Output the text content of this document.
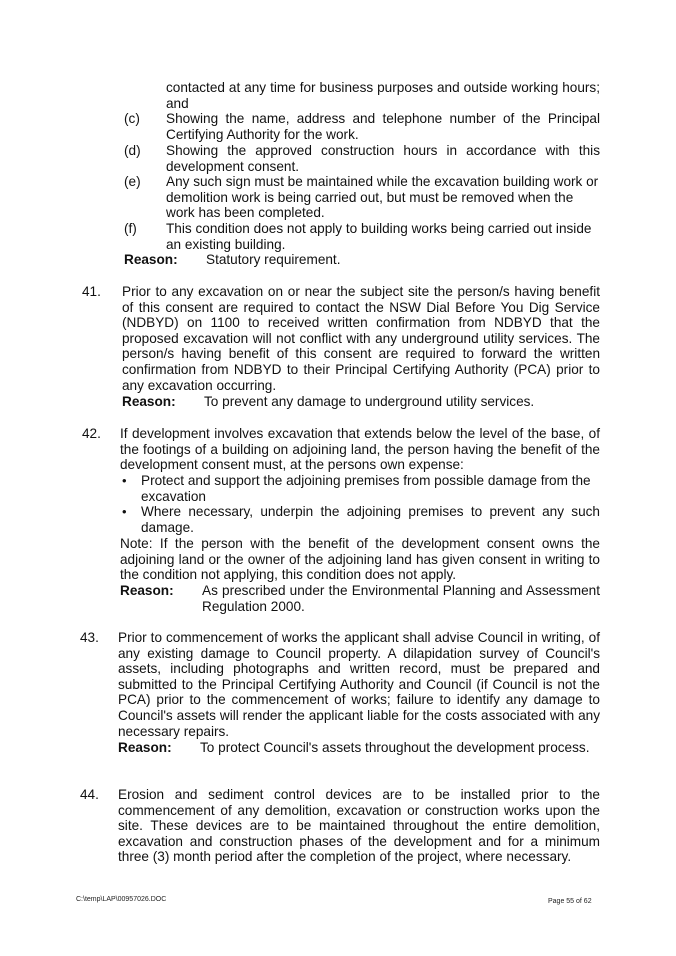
contacted at any time for business purposes and outside working hours; and
(c) Showing the name, address and telephone number of the Principal Certifying Authority for the work.
(d) Showing the approved construction hours in accordance with this development consent.
(e) Any such sign must be maintained while the excavation building work or demolition work is being carried out, but must be removed when the work has been completed.
(f) This condition does not apply to building works being carried out inside an existing building.
Reason: Statutory requirement.
41. Prior to any excavation on or near the subject site the person/s having benefit of this consent are required to contact the NSW Dial Before You Dig Service (NDBYD) on 1100 to received written confirmation from NDBYD that the proposed excavation will not conflict with any underground utility services. The person/s having benefit of this consent are required to forward the written confirmation from NDBYD to their Principal Certifying Authority (PCA) prior to any excavation occurring.
Reason: To prevent any damage to underground utility services.
42. If development involves excavation that extends below the level of the base, of the footings of a building on adjoining land, the person having the benefit of the development consent must, at the persons own expense:
• Protect and support the adjoining premises from possible damage from the excavation
• Where necessary, underpin the adjoining premises to prevent any such damage.
Note: If the person with the benefit of the development consent owns the adjoining land or the owner of the adjoining land has given consent in writing to the condition not applying, this condition does not apply.
Reason: As prescribed under the Environmental Planning and Assessment Regulation 2000.
43. Prior to commencement of works the applicant shall advise Council in writing, of any existing damage to Council property. A dilapidation survey of Council's assets, including photographs and written record, must be prepared and submitted to the Principal Certifying Authority and Council (if Council is not the PCA) prior to the commencement of works; failure to identify any damage to Council's assets will render the applicant liable for the costs associated with any necessary repairs.
Reason: To protect Council's assets throughout the development process.
44. Erosion and sediment control devices are to be installed prior to the commencement of any demolition, excavation or construction works upon the site. These devices are to be maintained throughout the entire demolition, excavation and construction phases of the development and for a minimum three (3) month period after the completion of the project, where necessary.
C:\temp\LAP\00957026.DOC	Page 55 of 62
